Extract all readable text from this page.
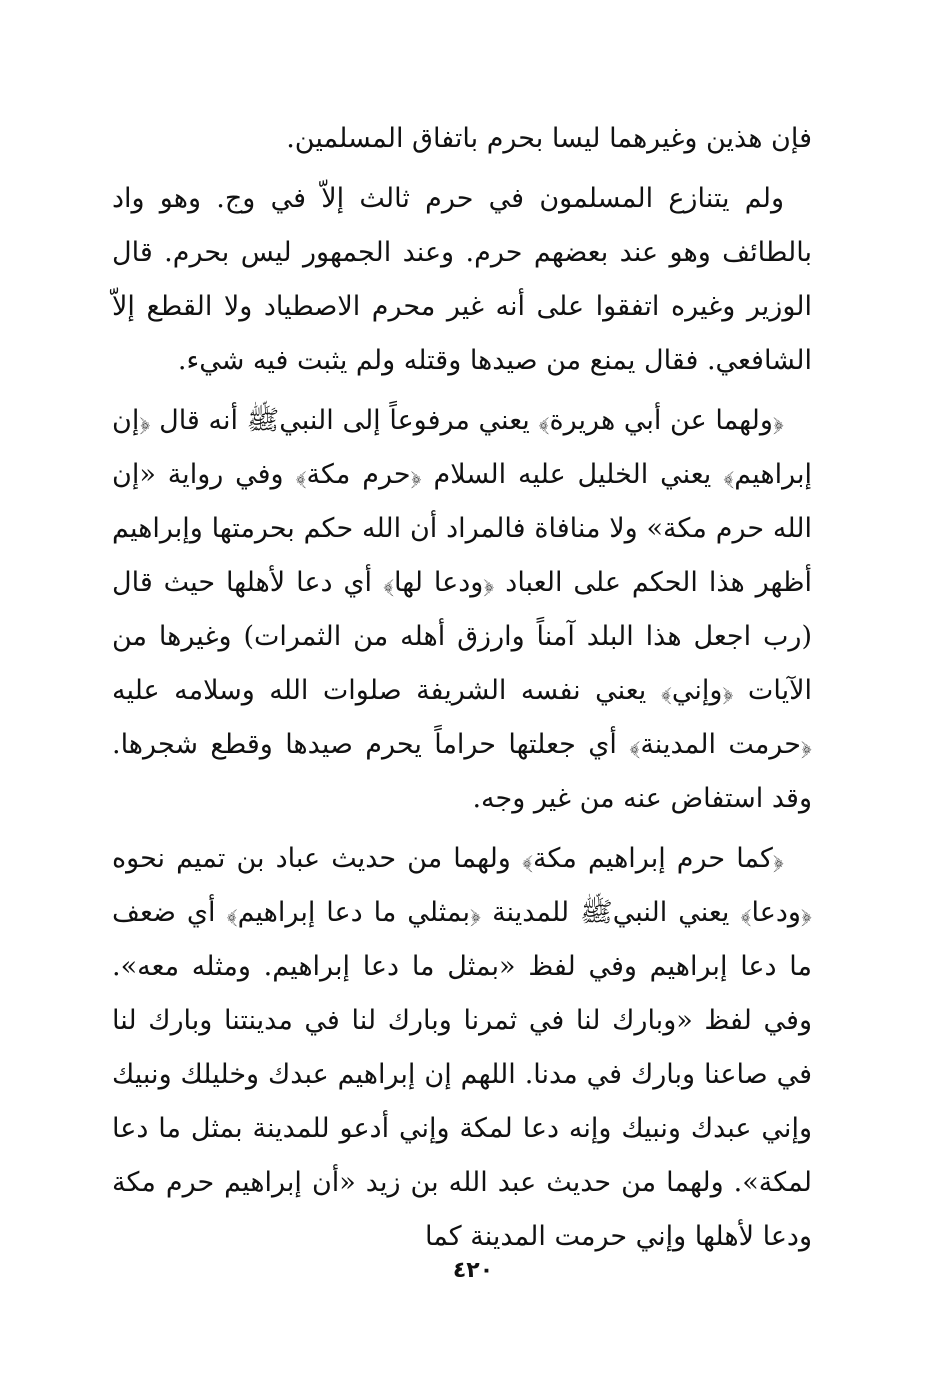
فإن هذين وغيرهما ليسا بحرم باتفاق المسلمين.

ولم يتنازع المسلمون في حرم ثالث إلاّ في وج. وهو واد بالطائف وهو عند بعضهم حرم. وعند الجمهور ليس بحرم. قال الوزير وغيره اتفقوا على أنه غير محرم الاصطياد ولا القطع إلاّ الشافعي. فقال يمنع من صيدها وقتله ولم يثبت فيه شيء.

﴿ولهما عن أبي هريرة﴾ يعني مرفوعاً إلى النبيﷺ أنه قال ﴿إن إبراهيم﴾ يعني الخليل عليه السلام ﴿حرم مكة﴾ وفي رواية «إن الله حرم مكة» ولا منافاة فالمراد أن الله حكم بحرمتها وإبراهيم أظهر هذا الحكم على العباد ﴿ودعا لها﴾ أي دعا لأهلها حيث قال (رب اجعل هذا البلد آمناً وارزق أهله من الثمرات) وغيرها من الآيات ﴿وإني﴾ يعني نفسه الشريفة صلوات الله وسلامه عليه ﴿حرمت المدينة﴾ أي جعلتها حراماً يحرم صيدها وقطع شجرها. وقد استفاض عنه من غير وجه.

﴿كما حرم إبراهيم مكة﴾ ولهما من حديث عباد بن تميم نحوه ﴿ودعا﴾ يعني النبيﷺ للمدينة ﴿بمثلي ما دعا إبراهيم﴾ أي ضعف ما دعا إبراهيم وفي لفظ «بمثل ما دعا إبراهيم. ومثله معه». وفي لفظ «وبارك لنا في ثمرنا وبارك لنا في مدينتنا وبارك لنا في صاعنا وبارك في مدنا. اللهم إن إبراهيم عبدك وخليلك ونبيك وإني عبدك ونبيك وإنه دعا لمكة وإني أدعو للمدينة بمثل ما دعا لمكة». ولهما من حديث عبد الله بن زيد «أن إبراهيم حرم مكة ودعا لأهلها وإني حرمت المدينة كما

٤٢٠
